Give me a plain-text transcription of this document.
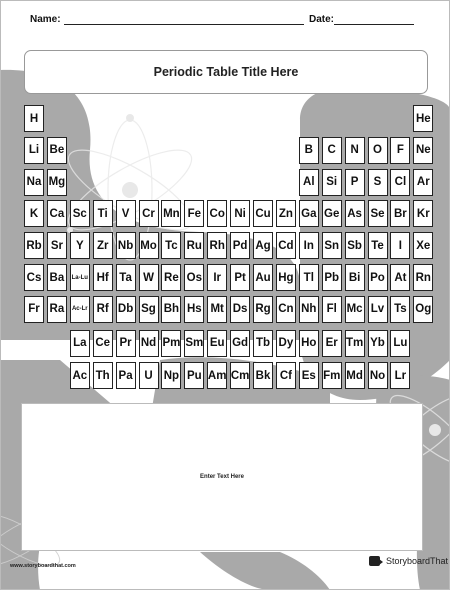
Name:	Date:
Periodic Table Title Here
H	He
Li Be	B	C	N	O	F	Ne
Na Mg	Al	Si	P	S	Cl Ar
K Ca Sc Ti	V	Cr Mn Fe Co Ni Cu Zn Ga Ge As Se Br Kr
Rb Sr	Y	Zr Nb Mo Tc Ru Rh Pd Ag Cd In Sn Sb Te	I	Xe
Cs Ba	La-Lu Hf Ta W Re Os Ir	Pt Au Hg Tl Pb Bi Po At Rn
Fr Ra	Ac-Lr Rf Db Sg Bh Hs Mt Ds Rg Cn Nh Fl Mc Lv Ts Og
La Ce Pr Nd Pm Sm Eu Gd Tb Dy Ho Er Tm Yb Lu
Ac Th Pa	U Np Pu Am Cm Bk Cf Es Fm Md No Lr
Enter Text Here
www.storyboardthat.com	StoryboardThat
